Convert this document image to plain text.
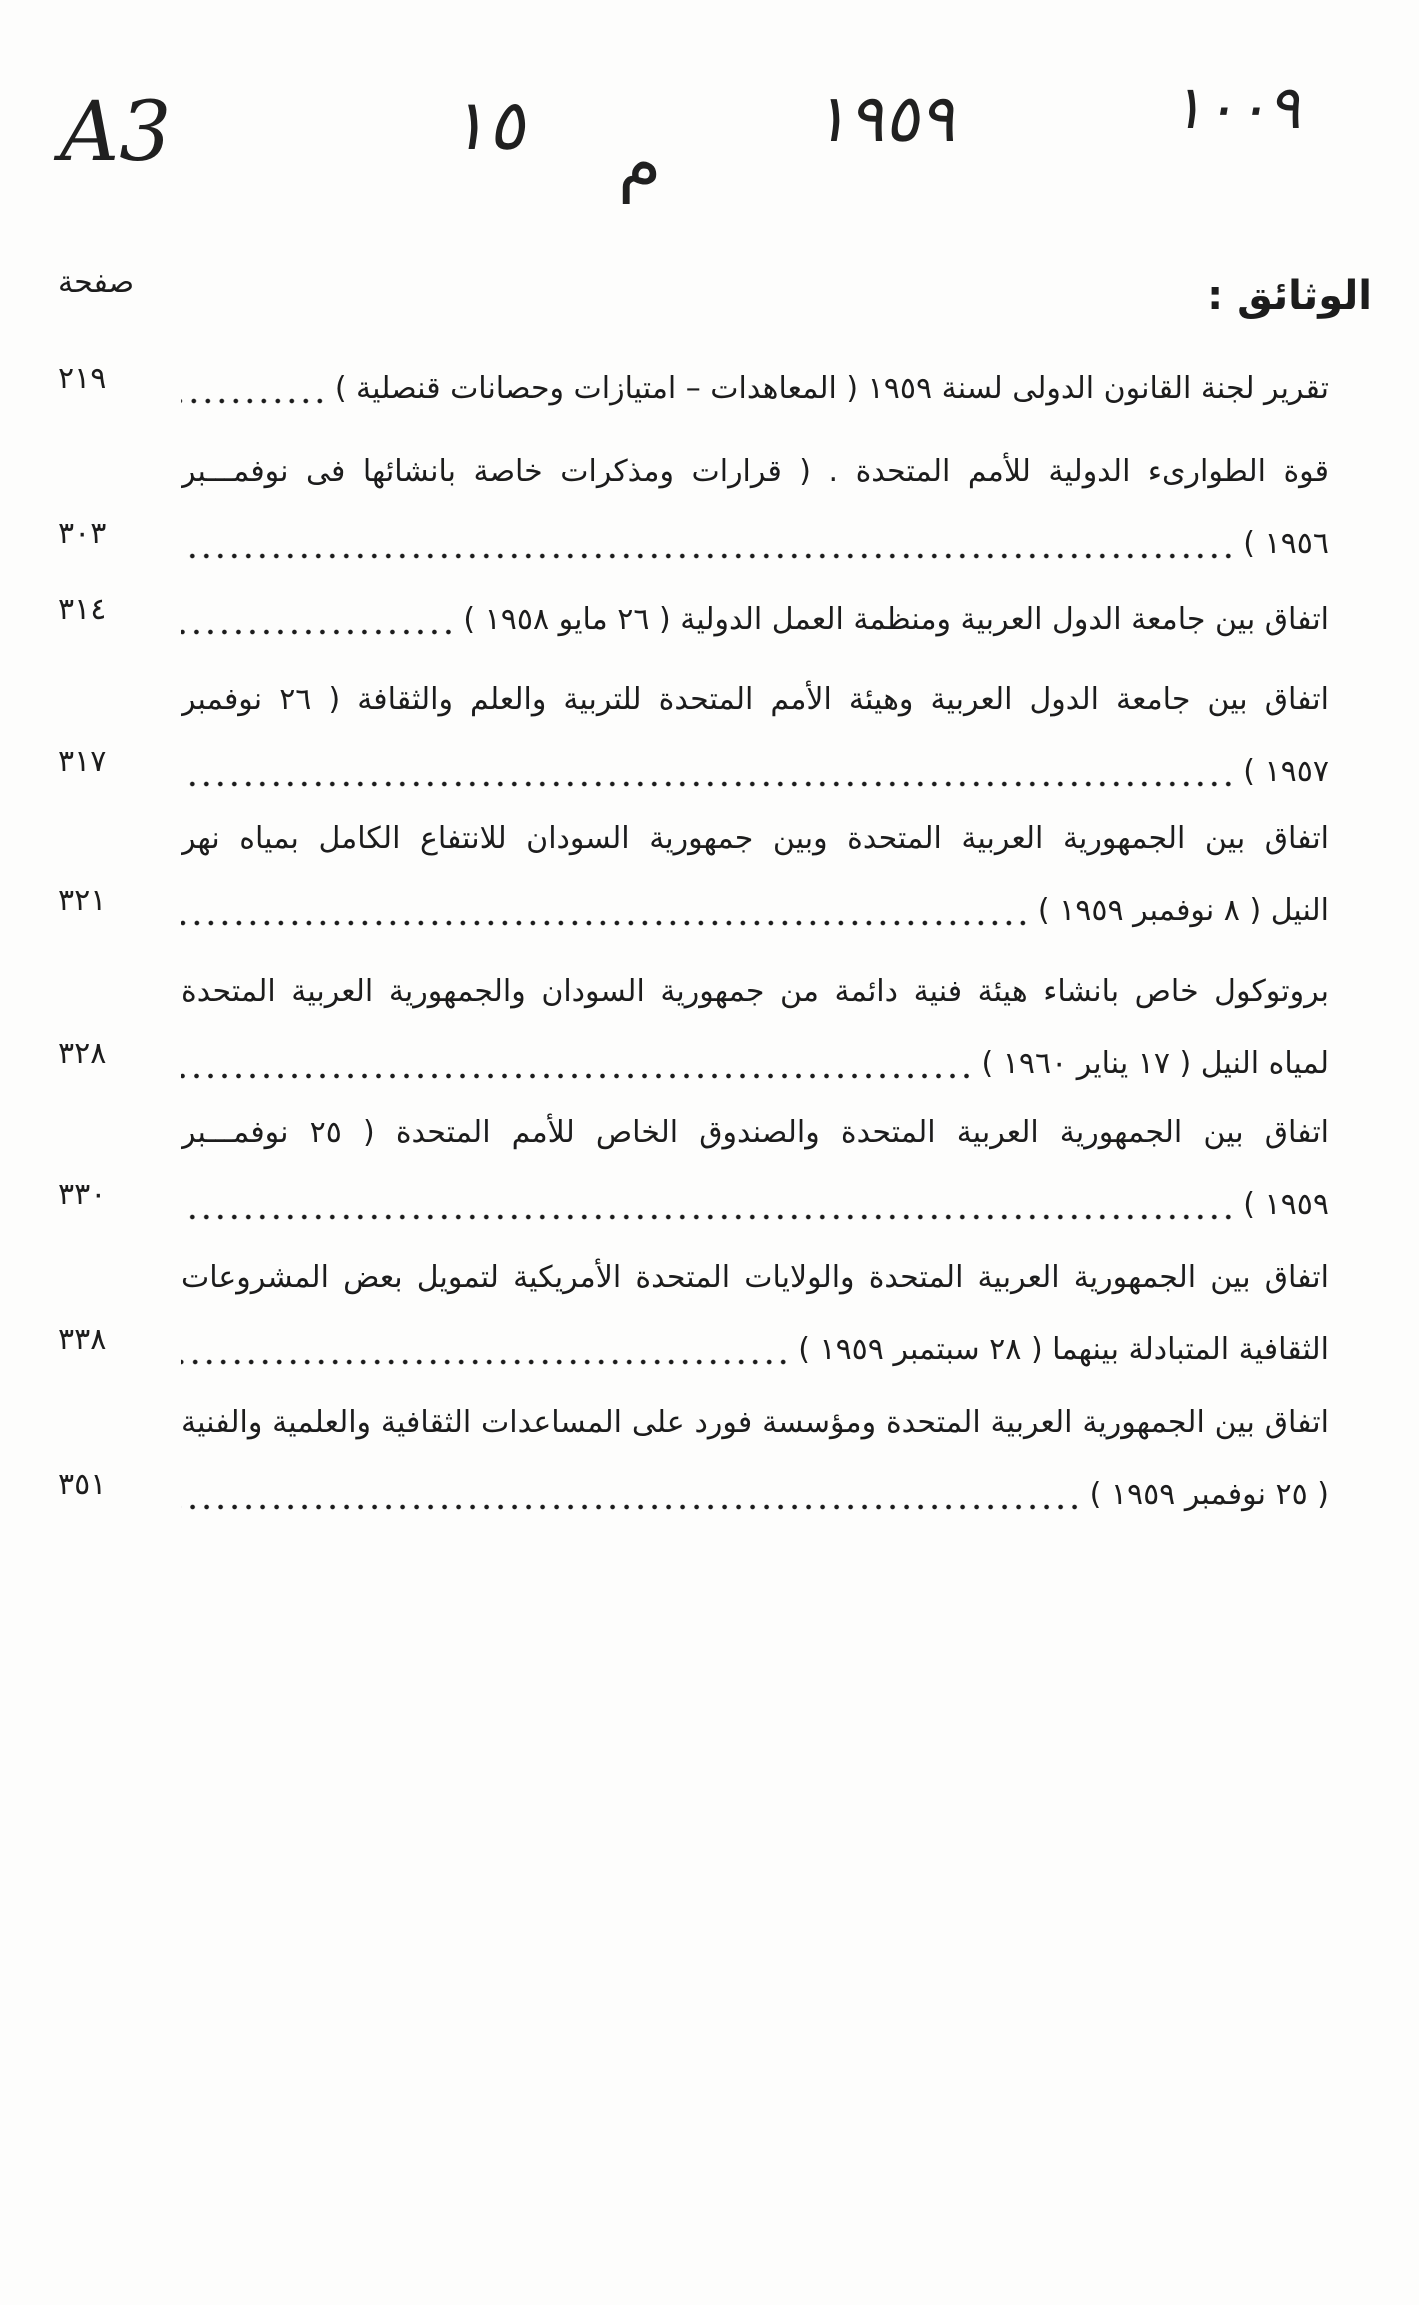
A3	١٥ م
١٩٥٩	١٠٠٩
الوثائق :
صفحة
تقرير لجنة القانون الدولى لسنة ١٩٥٩ ( المعاهدات – امتيازات وحصانات قنصلية )
٢١٩
قوة الطوارىء الدولية للأمم المتحدة . ( قرارات ومذكرات خاصة بانشائها فى نوفمـــبر
١٩٥٦ )
٣٠٣
اتفاق بين جامعة الدول العربية ومنظمة العمل الدولية ( ٢٦ مايو ١٩٥٨ )
٣١٤
اتفاق بين جامعة الدول العربية وهيئة الأمم المتحدة للتربية والعلم والثقافة ( ٢٦ نوفمبر
١٩٥٧ )
٣١٧
اتفاق بين الجمهورية العربية المتحدة وبين جمهورية السودان للانتفاع الكامل بمياه نهر
النيل ( ٨ نوفمبر ١٩٥٩ )
٣٢١
بروتوكول خاص بانشاء هيئة فنية دائمة من جمهورية السودان والجمهورية العربية المتحدة
لمياه النيل ( ١٧ يناير ١٩٦٠ )
٣٢٨
اتفاق بين الجمهورية العربية المتحدة والصندوق الخاص للأمم المتحدة ( ٢٥ نوفمـــبر
١٩٥٩ )
٣٣٠
اتفاق بين الجمهورية العربية المتحدة والولايات المتحدة الأمريكية لتمويل بعض المشروعات
الثقافية المتبادلة بينهما ( ٢٨ سبتمبر ١٩٥٩ )
٣٣٨
اتفاق بين الجمهورية العربية المتحدة ومؤسسة فورد على المساعدات الثقافية والعلمية والفنية
( ٢٥ نوفمبر ١٩٥٩ )
٣٥١
